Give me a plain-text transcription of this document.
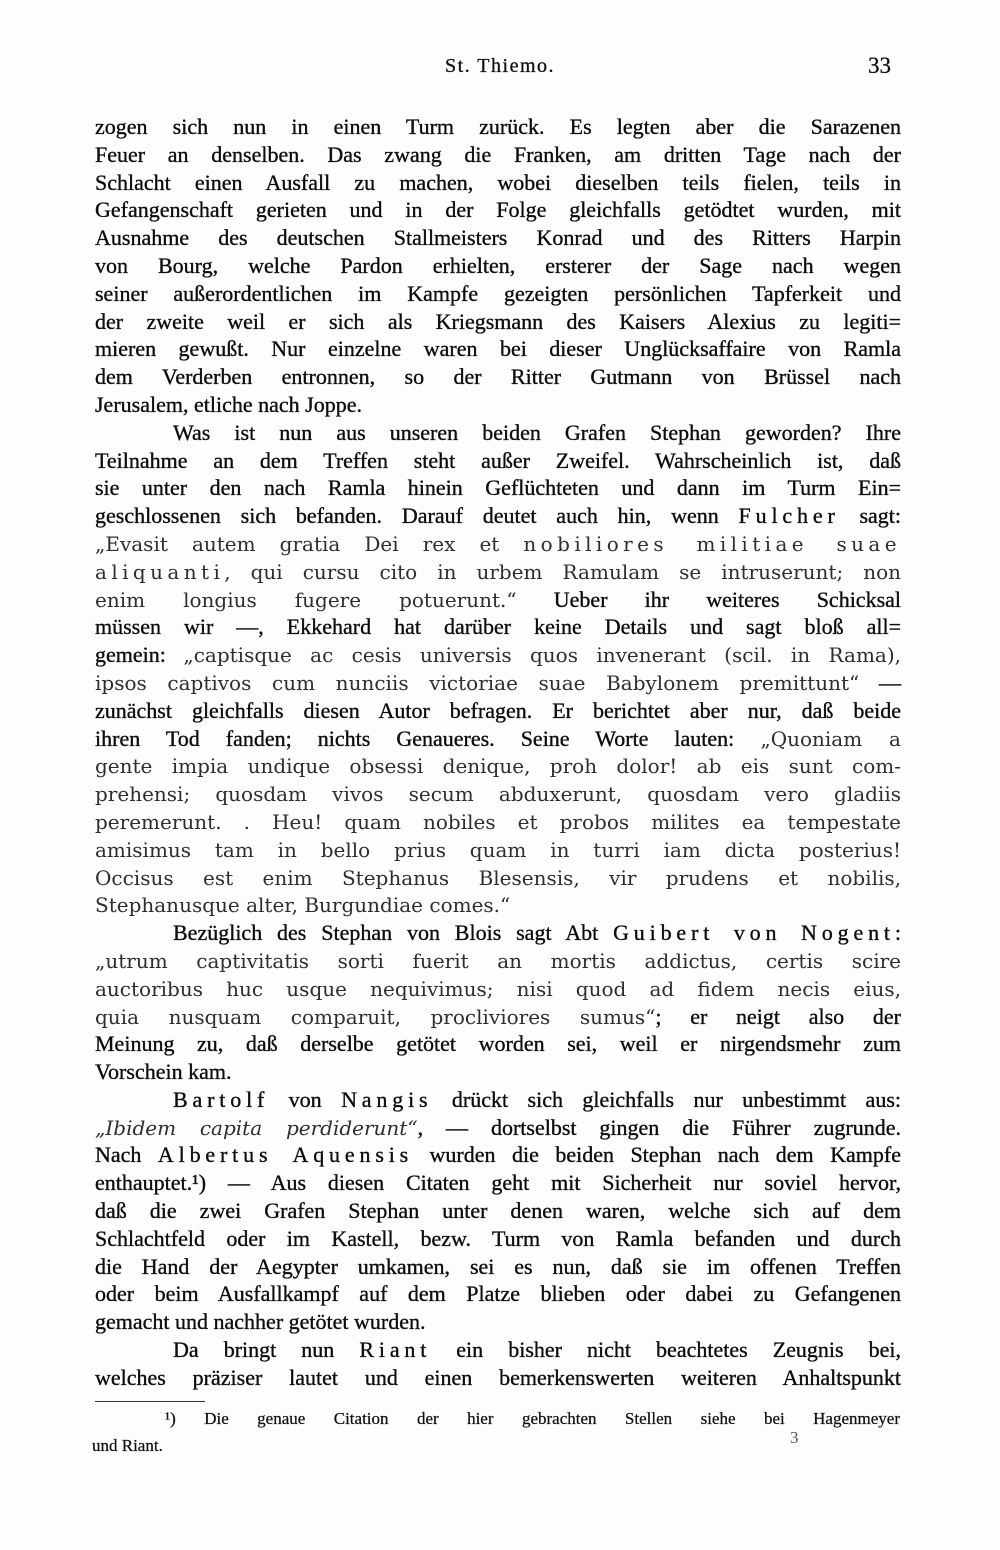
St. Thiemo.	33
zogen sich nun in einen Turm zurück. Es legten aber die Sarazenen
Feuer an denselben. Das zwang die Franken, am dritten Tage nach der
Schlacht einen Ausfall zu machen, wobei dieselben teils fielen, teils in
Gefangenschaft gerieten und in der Folge gleichfalls getödtet wurden, mit
Ausnahme des deutschen Stallmeisters Konrad und des Ritters Harpin
von Bourg, welche Pardon erhielten, ersterer der Sage nach wegen
seiner außerordentlichen im Kampfe gezeigten persönlichen Tapferkeit und
der zweite weil er sich als Kriegsmann des Kaisers Alexius zu legiti=
mieren gewußt. Nur einzelne waren bei dieser Unglücksaffaire von Ramla
dem Verderben entronnen, so der Ritter Gutmann von Brüssel nach
Jerusalem, etliche nach Joppe.
Was ist nun aus unseren beiden Grafen Stephan geworden? Ihre
Teilnahme an dem Treffen steht außer Zweifel. Wahrscheinlich ist, daß
sie unter den nach Ramla hinein Geflüchteten und dann im Turm Ein=
geschlossenen sich befanden. Darauf deutet auch hin, wenn Fulcher sagt:
„Evasit autem gratia Dei rex et nobiliores militiae suae
aliquanti, qui cursu cito in urbem Ramulam se intruserunt; non
enim longius fugere potuerunt.“ Ueber ihr weiteres Schicksal
müssen wir —, Ekkehard hat darüber keine Details und sagt bloß all=
gemein: „captisque ac cesis universis quos invenerant (scil. in Rama),
ipsos captivos cum nunciis victoriae suae Babylonem premittunt“ —
zunächst gleichfalls diesen Autor befragen. Er berichtet aber nur, daß beide
ihren Tod fanden; nichts Genaueres. Seine Worte lauten: „Quoniam a
gente impia undique obsessi denique, proh dolor! ab eis sunt com-
prehensi; quosdam vivos secum abduxerunt, quosdam vero gladiis
peremerunt. . Heu! quam nobiles et probos milites ea tempestate
amisimus tam in bello prius quam in turri iam dicta posterius!
Occisus est enim Stephanus Blesensis, vir prudens et nobilis,
Stephanusque alter, Burgundiae comes.“
Bezüglich des Stephan von Blois sagt Abt Guibert von Nogent:
„utrum captivitatis sorti fuerit an mortis addictus, certis scire
auctoribus huc usque nequivimus; nisi quod ad fidem necis eius,
quia nusquam comparuit, procliviores sumus“; er neigt also der
Meinung zu, daß derselbe getötet worden sei, weil er nirgendsmehr zum
Vorschein kam.
Bartolf von Nangis drückt sich gleichfalls nur unbestimmt aus:
„Ibidem capita perdiderunt“, — dortselbst gingen die Führer zugrunde.
Nach Albertus Aquensis wurden die beiden Stephan nach dem Kampfe
enthauptet.¹) — Aus diesen Citaten geht mit Sicherheit nur soviel hervor,
daß die zwei Grafen Stephan unter denen waren, welche sich auf dem
Schlachtfeld oder im Kastell, bezw. Turm von Ramla befanden und durch
die Hand der Aegypter umkamen, sei es nun, daß sie im offenen Treffen
oder beim Ausfallkampf auf dem Platze blieben oder dabei zu Gefangenen
gemacht und nachher getötet wurden.
Da bringt nun Riant ein bisher nicht beachtetes Zeugnis bei,
welches präziser lautet und einen bemerkenswerten weiteren Anhaltspunkt
¹) Die genaue Citation der hier gebrachten Stellen siehe bei Hagenmeyer
und Riant.	3
